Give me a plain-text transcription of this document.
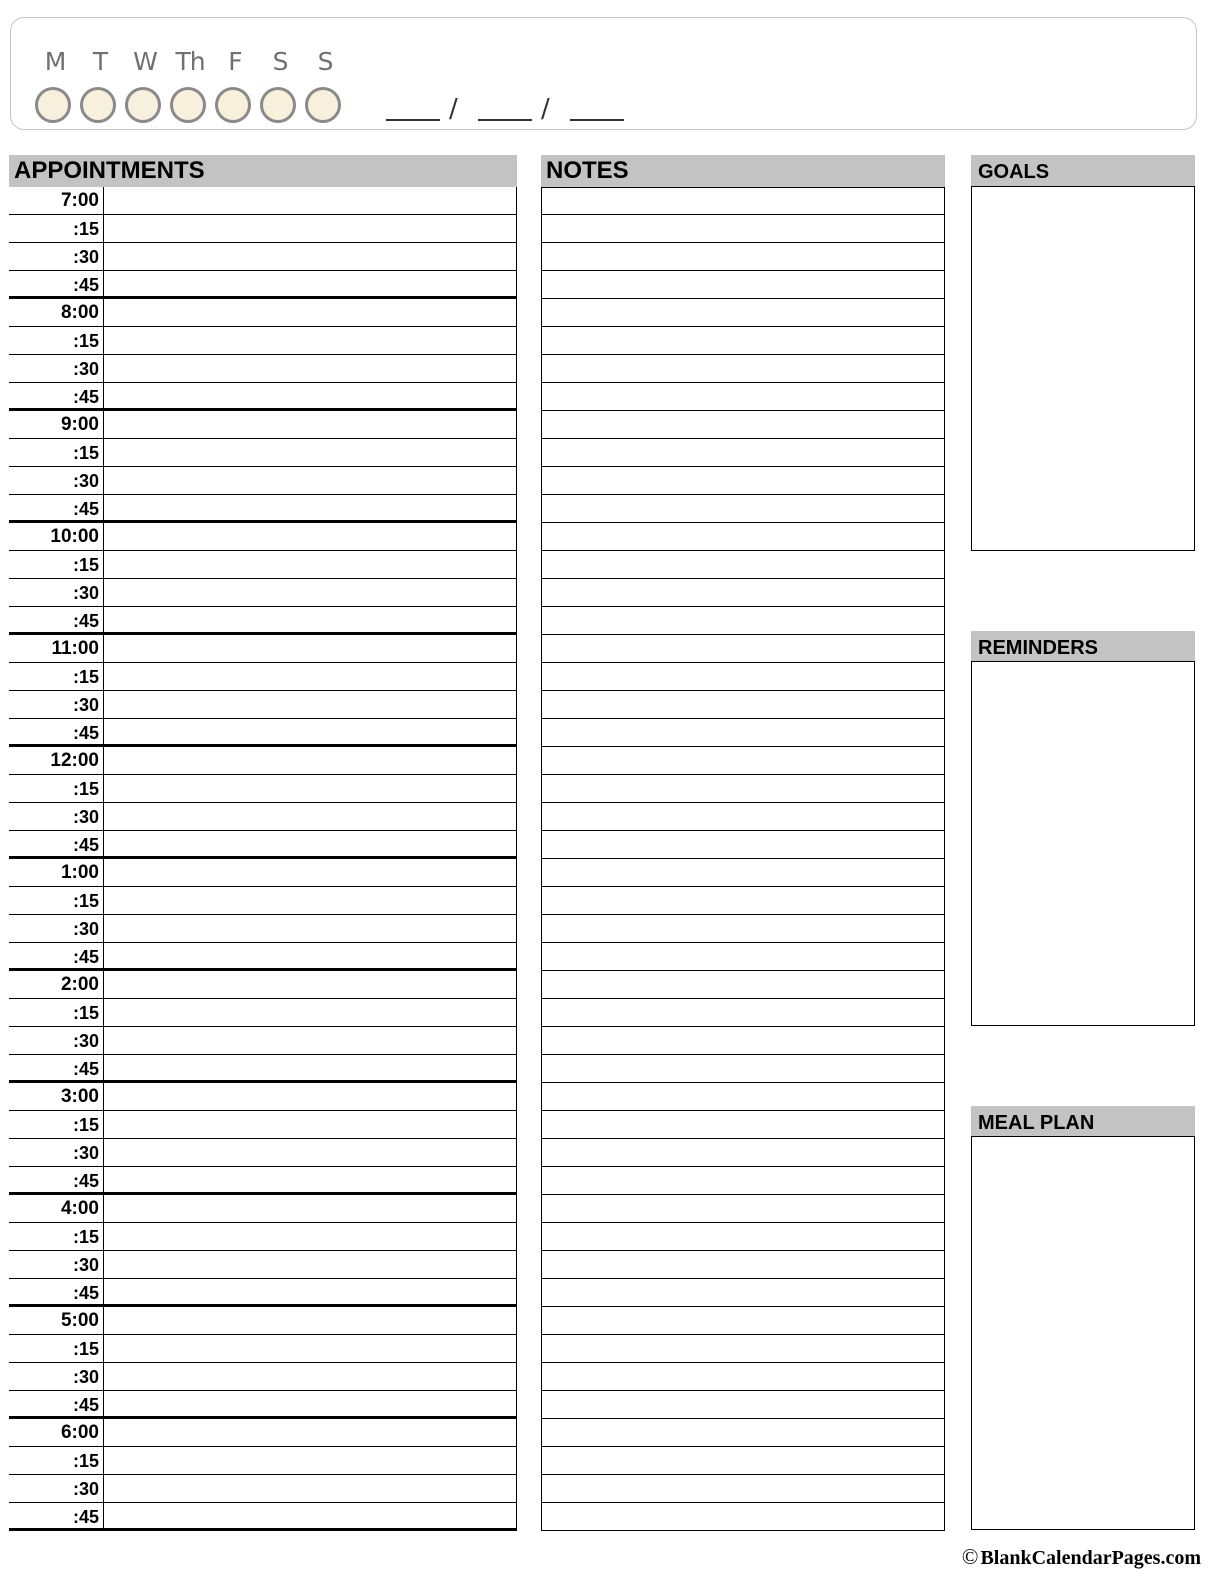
M	T	W Th F	S	S
/	/
APPOINTMENTS
7:00
:15
:30
:45
8:00
:15
:30
:45
9:00
:15
:30
:45
10:00
:15
:30
:45
11:00
:15
:30
:45
12:00
:15
:30
:45
1:00
:15
:30
:45
2:00
:15
:30
:45
3:00
:15
:30
:45
4:00
:15
:30
:45
5:00
:15
:30
:45
6:00
:15
:30
:45
NOTES	GOALS
REMINDERS
MEAL PLAN
© BlankCalendarPages.com
